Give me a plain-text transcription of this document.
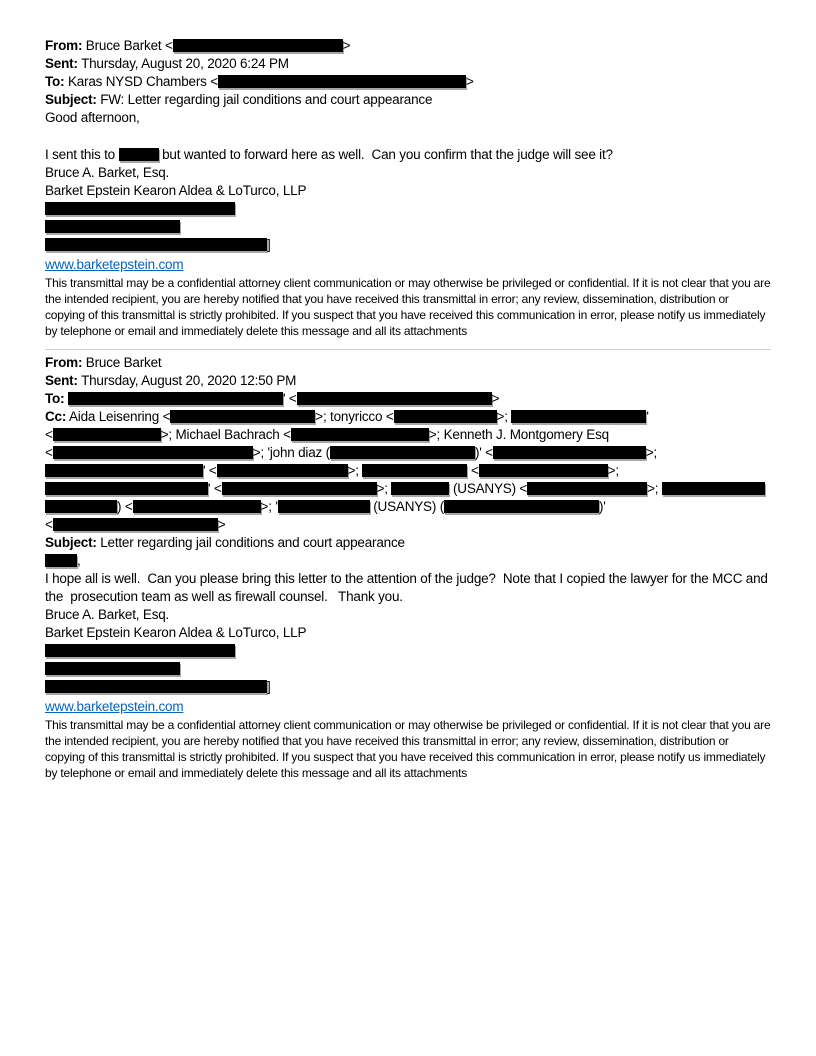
From: Bruce Barket <	>
Sent: Thursday, August 20, 2020 6:24 PM
To: Karas NYSD Chambers <	>
Subject: FW: Letter regarding jail conditions and court appearance
Good afternoon,
I sent this to	but wanted to forward here as well.  Can you confirm that the judge will see it?
Bruce A. Barket, Esq.
Barket Epstein Kearon Aldea & LoTurco, LLP
]
www.barketepstein.com
This transmittal may be a confidential attorney client communication or may otherwise be privileged or confidential. If it is not clear that you are the intended recipient, you are hereby notified that you have received this transmittal in error; any review, dissemination, distribution or copying of this transmittal is strictly prohibited. If you suspect that you have received this communication in error, please notify us immediately by telephone or email and immediately delete this message and all its attachments
From: Bruce Barket
Sent: Thursday, August 20, 2020 12:50 PM
To:	' <	>
Cc: Aida Leisenring <	>; tonyricco <	>;	'
<	>; Michael Bachrach <	>; Kenneth J. Montgomery Esq
<	>; 'john diaz (	)' <	>;
' <	>;	<	>;
' <	>;	(USANYS) <	>;
) <	>; '	(USANYS) (	)'
<	>
Subject: Letter regarding jail conditions and court appearance
,
I hope all is well.  Can you please bring this letter to the attention of the judge?  Note that I copied the lawyer for the MCC and the  prosecution team as well as firewall counsel.   Thank you.
Bruce A. Barket, Esq.
Barket Epstein Kearon Aldea & LoTurco, LLP
]
www.barketepstein.com
This transmittal may be a confidential attorney client communication or may otherwise be privileged or confidential. If it is not clear that you are the intended recipient, you are hereby notified that you have received this transmittal in error; any review, dissemination, distribution or copying of this transmittal is strictly prohibited. If you suspect that you have received this communication in error, please notify us immediately by telephone or email and immediately delete this message and all its attachments
